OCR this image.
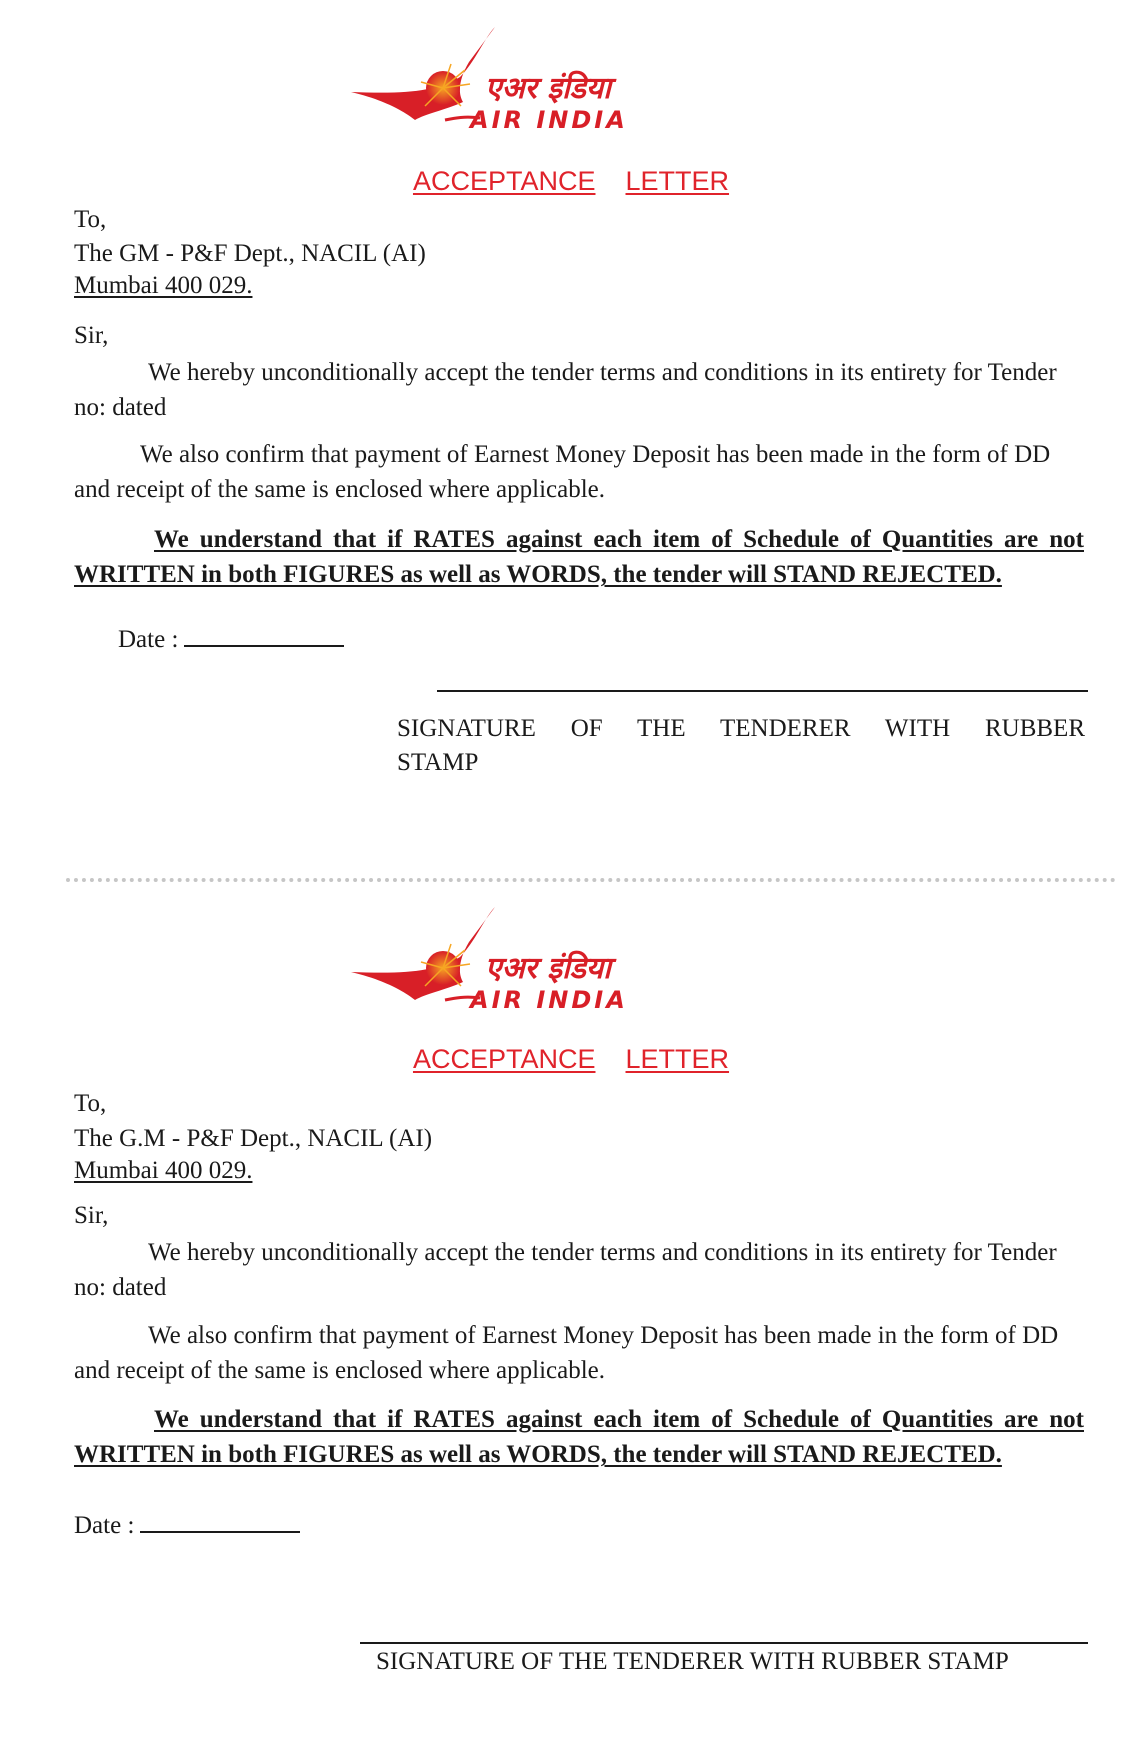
एअर इंडिया
AIR INDIA
ACCEPTANCE LETTER
To,
The GM - P&F Dept., NACIL (AI)
Mumbai 400 029.
Sir,
We hereby unconditionally accept the tender terms and conditions in its entirety for Tender no: dated
We also confirm that payment of Earnest Money Deposit has been made in the form of DD and receipt of the same is enclosed where applicable.
We understand that if RATES against each item of Schedule of Quantities are not WRITTEN in both FIGURES as well as WORDS, the tender will STAND REJECTED.
Date :
SIGNATURE OF THE TENDERER WITH RUBBER
STAMP
एअर इंडिया
AIR INDIA
ACCEPTANCE LETTER
To,
The G.M - P&F Dept., NACIL (AI)
Mumbai 400 029.
Sir,
We hereby unconditionally accept the tender terms and conditions in its entirety for Tender no: dated
We also confirm that payment of Earnest Money Deposit has been made in the form of DD and receipt of the same is enclosed where applicable.
We understand that if RATES against each item of Schedule of Quantities are not WRITTEN in both FIGURES as well as WORDS, the tender will STAND REJECTED.
Date :
SIGNATURE OF THE TENDERER WITH RUBBER STAMP
